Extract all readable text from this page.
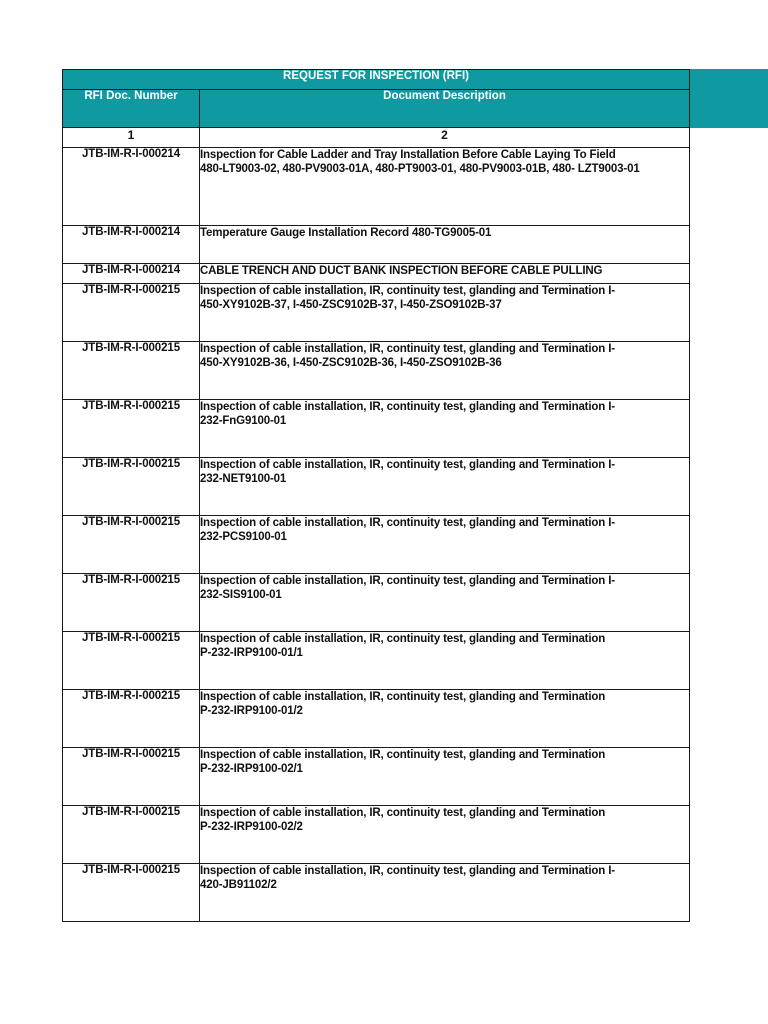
REQUEST FOR INSPECTION (RFI)	
RFI Doc. Number	Document Description
1	2
JTB-IM-R-I-000214	Inspection for Cable Ladder and Tray Installation Before Cable Laying To Field
480-LT9003-02, 480-PV9003-01A, 480-PT9003-01, 480-PV9003-01B, 480- LZT9003-01

JTB-IM-R-I-000214	Temperature Gauge Installation Record 480-TG9005-01

JTB-IM-R-I-000214	CABLE TRENCH AND DUCT BANK INSPECTION BEFORE CABLE PULLING

JTB-IM-R-I-000215	Inspection of cable installation, IR, continuity test, glanding and Termination I-
450-XY9102B-37, I-450-ZSC9102B-37, I-450-ZSO9102B-37

JTB-IM-R-I-000215	Inspection of cable installation, IR, continuity test, glanding and Termination I-
450-XY9102B-36, I-450-ZSC9102B-36, I-450-ZSO9102B-36

JTB-IM-R-I-000215	Inspection of cable installation, IR, continuity test, glanding and Termination I-
232-FnG9100-01

JTB-IM-R-I-000215	Inspection of cable installation, IR, continuity test, glanding and Termination I-
232-NET9100-01

JTB-IM-R-I-000215	Inspection of cable installation, IR, continuity test, glanding and Termination I-
232-PCS9100-01

JTB-IM-R-I-000215	Inspection of cable installation, IR, continuity test, glanding and Termination I-
232-SIS9100-01

JTB-IM-R-I-000215	Inspection of cable installation, IR, continuity test, glanding and Termination
P-232-IRP9100-01/1

JTB-IM-R-I-000215	Inspection of cable installation, IR, continuity test, glanding and Termination
P-232-IRP9100-01/2

JTB-IM-R-I-000215	Inspection of cable installation, IR, continuity test, glanding and Termination
P-232-IRP9100-02/1

JTB-IM-R-I-000215	Inspection of cable installation, IR, continuity test, glanding and Termination
P-232-IRP9100-02/2

JTB-IM-R-I-000215	Inspection of cable installation, IR, continuity test, glanding and Termination I-
420-JB91102/2
